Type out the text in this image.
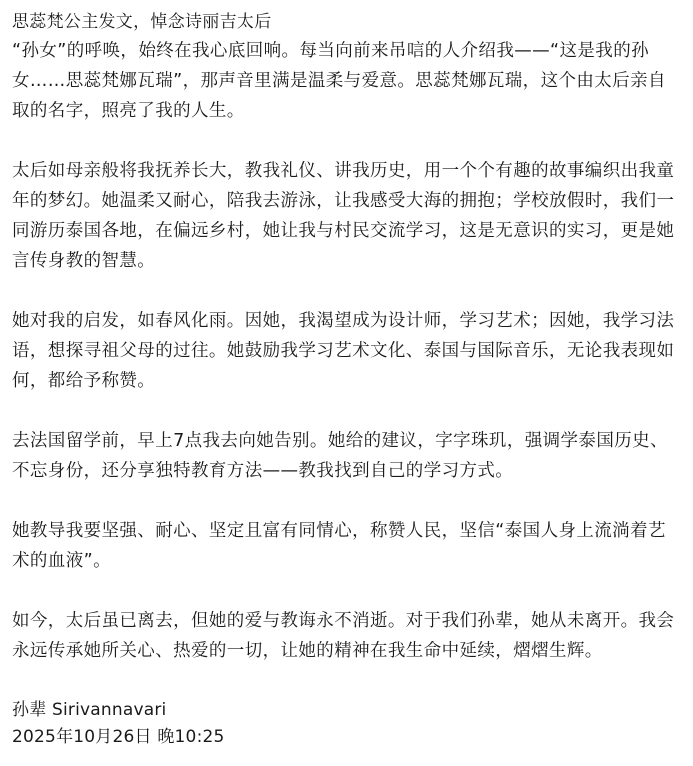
思蕊梵公主发文，悼念诗丽吉太后

“孙女”的呼唤，始终在我心底回响。每当向前来吊唁的人介绍我——“这是我的孙女……思蕊梵娜瓦瑞”，那声音里满是温柔与爱意。思蕊梵娜瓦瑞，这个由太后亲自取的名字，照亮了我的人生。

太后如母亲般将我抚养长大，教我礼仪、讲我历史，用一个个有趣的故事编织出我童年的梦幻。她温柔又耐心，陪我去游泳，让我感受大海的拥抱；学校放假时，我们一同游历泰国各地，在偏远乡村，她让我与村民交流学习，这是无意识的实习，更是她言传身教的智慧。

她对我的启发，如春风化雨。因她，我渴望成为设计师，学习艺术；因她，我学习法语，想探寻祖父母的过往。她鼓励我学习艺术文化、泰国与国际音乐，无论我表现如何，都给予称赞。

去法国留学前，早上7点我去向她告别。她给的建议，字字珠玑，强调学泰国历史、不忘身份，还分享独特教育方法——教我找到自己的学习方式。

她教导我要坚强、耐心、坚定且富有同情心，称赞人民，坚信“泰国人身上流淌着艺术的血液”。

如今，太后虽已离去，但她的爱与教诲永不消逝。对于我们孙辈，她从未离开。我会永远传承她所关心、热爱的一切，让她的精神在我生命中延续，熠熠生辉。

孙辈 Sirivannavari

2025年10月26日 晚10:25
